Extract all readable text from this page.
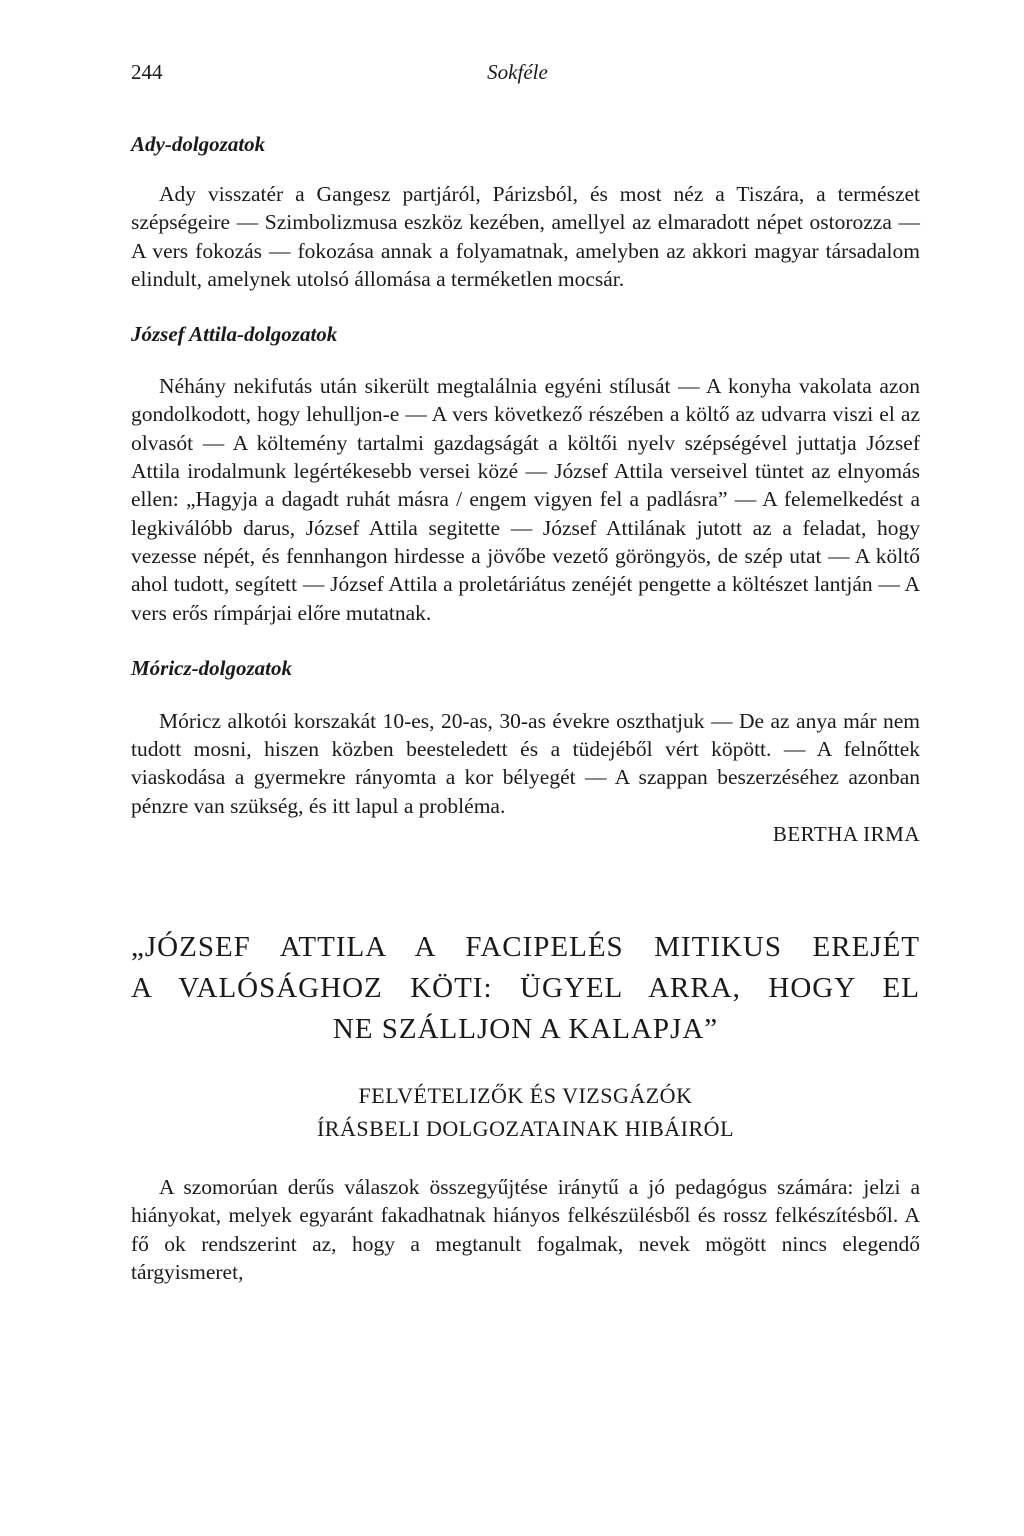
244	Sokféle
Ady-dolgozatok

Ady visszatér a Gangesz partjáról, Párizsból, és most néz a Tiszára, a természet szépségeire — Szimbolizmusa eszköz kezében, amellyel az elmaradott népet ostorozza — A vers fokozás — fokozása annak a folyamatnak, amelyben az akkori magyar társadalom elindult, amelynek utolsó állomása a terméketlen mocsár.

József Attila-dolgozatok

Néhány nekifutás után sikerült megtalálnia egyéni stílusát — A konyha vakolata azon gondolkodott, hogy lehulljon-e — A vers következő részében a költő az udvarra viszi el az olvasót — A költemény tartalmi gazdagságát a költői nyelv szépségével juttatja József Attila irodalmunk legértékesebb versei közé — József Attila verseivel tüntet az elnyomás ellen: „Hagyja a dagadt ruhát másra / engem vigyen fel a padlásra” — A felemelkedést a legkiválóbb darus, József Attila segitette — József Attilának jutott az a feladat, hogy vezesse népét, és fennhangon hirdesse a jövőbe vezető göröngyös, de szép utat — A költő ahol tudott, segített — József Attila a proletáriátus zenéjét pengette a költészet lantján — A vers erős rímpárjai előre mutatnak.

Móricz-dolgozatok

Móricz alkotói korszakát 10-es, 20-as, 30-as évekre oszthatjuk — De az anya már nem tudott mosni, hiszen közben beesteledett és a tüdejéből vért köpött. — A felnőttek viaskodása a gyermekre rányomta a kor bélyegét — A szappan beszerzéséhez azonban pénzre van szükség, és itt lapul a probléma.

BERTHA IRMA

„JÓZSEF ATTILA A FACIPELÉS MITIKUS EREJÉT
A VALÓSÁGHOZ KÖTI: ÜGYEL ARRA, HOGY EL
NE SZÁLLJON A KALAPJA”
FELVÉTELIZŐK ÉS VIZSGÁZÓK
ÍRÁSBELI DOLGOZATAINAK HIBÁIRÓL

A szomorúan derűs válaszok összegyűjtése iránytű a jó pedagógus számára: jelzi a hiányokat, melyek egyaránt fakadhatnak hiányos felkészülésből és rossz felkészítésből. A fő ok rendszerint az, hogy a megtanult fogalmak, nevek mögött nincs elegendő tárgyismeret,
